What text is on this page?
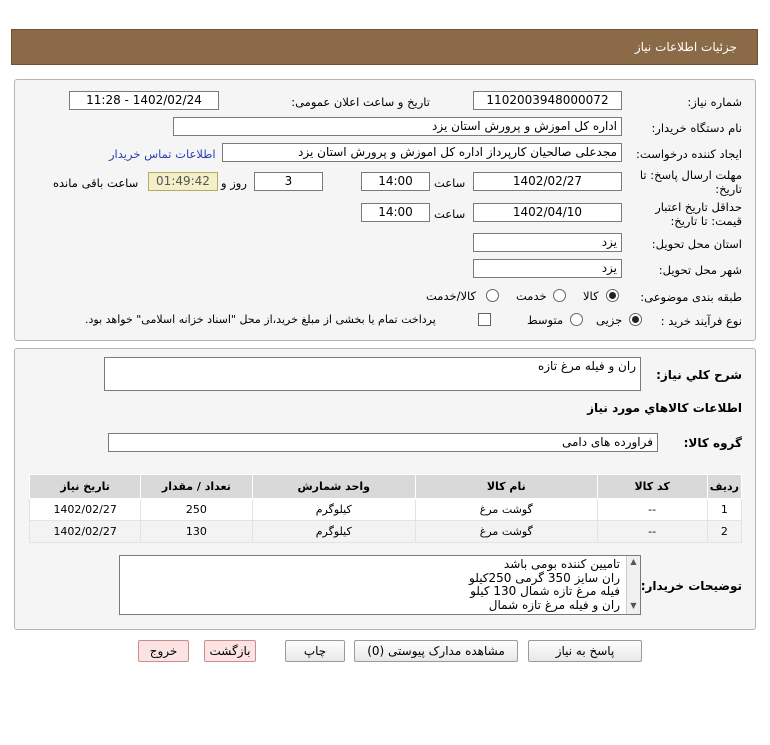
جزئیات اطلاعات نیاز
شماره نیاز:
1102003948000072
تاریخ و ساعت اعلان عمومی:
1402/02/24 - 11:28
نام دستگاه خریدار:
اداره کل اموزش و پرورش استان یزد
ایجاد کننده درخواست:
مجدعلی صالحیان کارپرداز اداره کل اموزش و پرورش استان یزد
اطلاعات تماس خریدار
مهلت ارسال پاسخ: تا
تاریخ:
1402/02/27
ساعت
14:00
3
روز و
01:49:42
ساعت باقی مانده
حداقل تاریخ اعتبار
قیمت: تا تاریخ:
1402/04/10
ساعت
14:00
استان محل تحویل:
یزد
شهر محل تحویل:
یزد
طبقه بندی موضوعی:
کالا
خدمت
کالا/خدمت
نوع فرآیند خرید :
جزیی
متوسط
پرداخت تمام یا بخشی از مبلغ خرید،از محل "اسناد خزانه اسلامی" خواهد بود.
شرح کلي نياز:
ران و فیله مرغ تازه
اطلاعات کالاهاي مورد نياز
گروه کالا:
فراورده های دامی
ردیف	کد کالا	نام کالا	واحد شمارش	تعداد / مقدار	تاریخ نیاز
1	--	گوشت مرغ	کیلوگرم	250	1402/02/27
2	--	گوشت مرغ	کیلوگرم	130	1402/02/27
توضیحات خریدار:
تامیین کننده بومی باشد
ران سایز 350 گرمی 250کیلو
فیله مرغ تازه شمال 130 کیلو
ران و فیله مرغ تازه شمال
▲
▼
پاسخ به نیاز
مشاهده مدارک پیوستی (0)
چاپ
بازگشت
خروج
